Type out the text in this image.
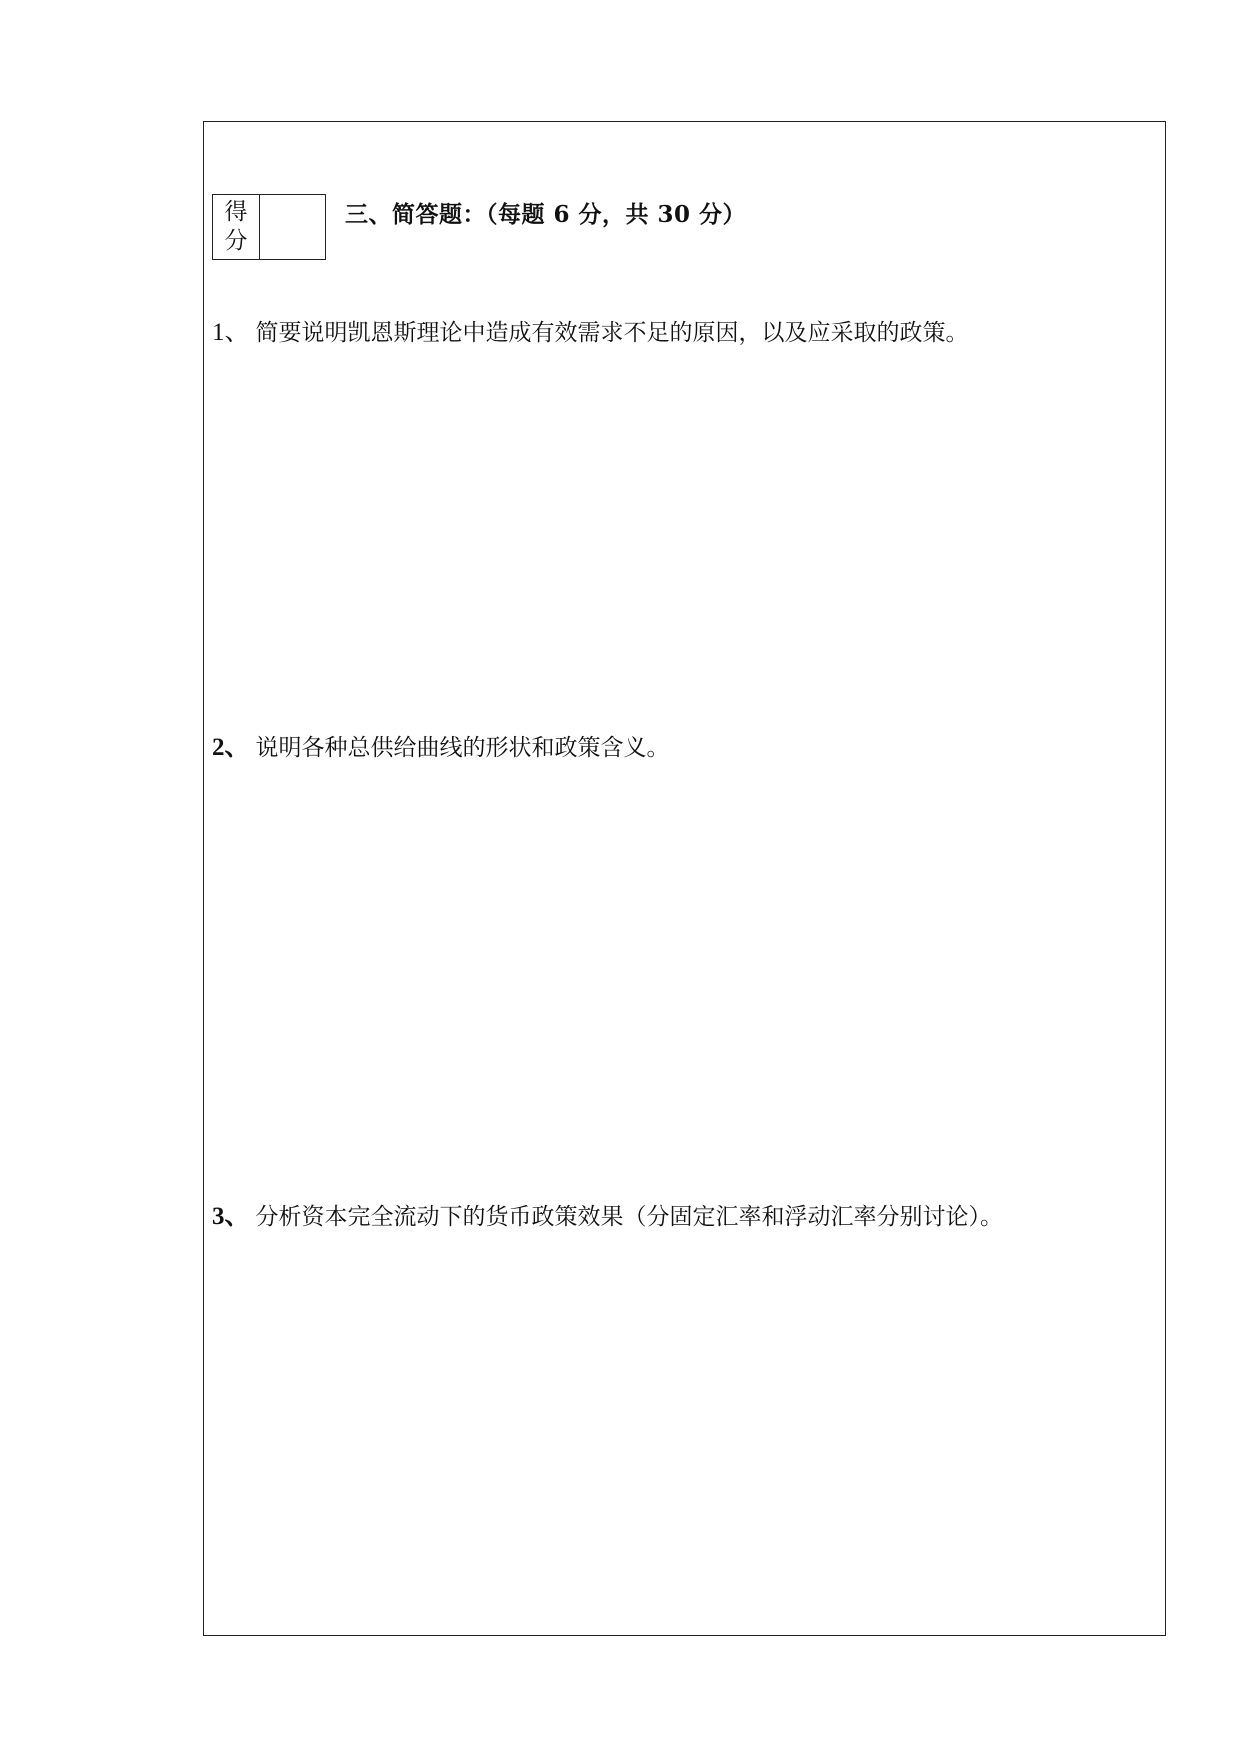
得
分
三、简答题：（每题 6 分，共 30 分）
1、 简要说明凯恩斯理论中造成有效需求不足的原因，以及应采取的政策。
2、 说明各种总供给曲线的形状和政策含义。
3、 分析资本完全流动下的货币政策效果（分固定汇率和浮动汇率分别讨论）。
